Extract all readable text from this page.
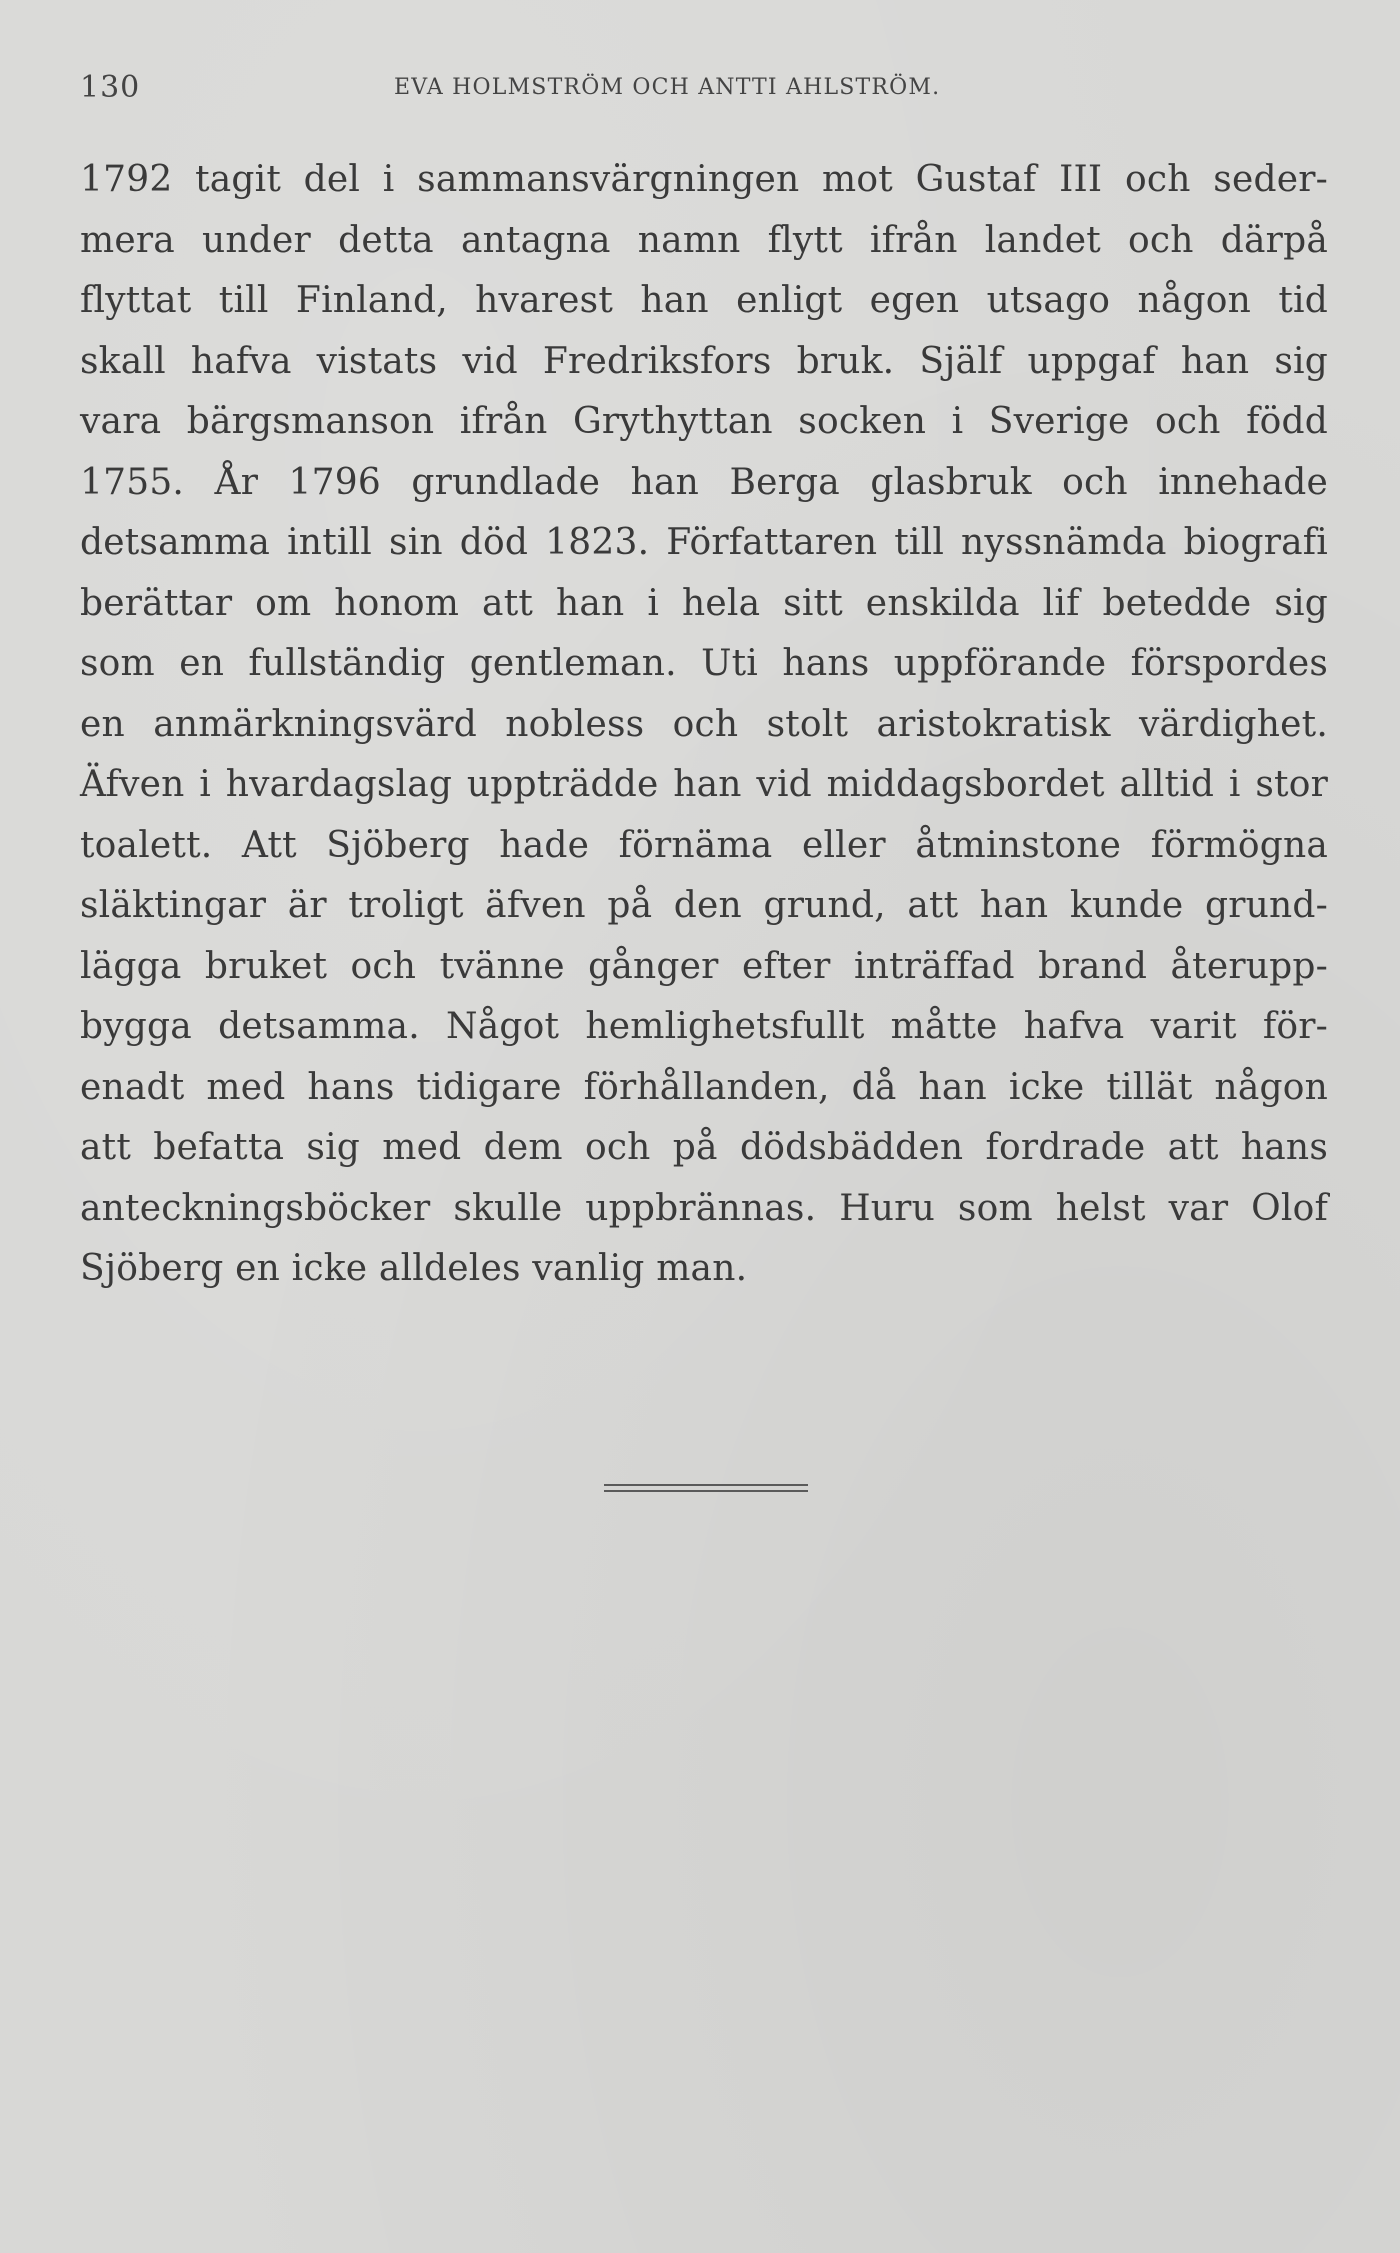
130	EVA HOLMSTRÖM OCH ANTTI AHLSTRÖM.
1792 tagit del i sammansvärgningen mot Gustaf III och seder-
mera under detta antagna namn flytt ifrån landet och därpå
flyttat till Finland, hvarest han enligt egen utsago någon tid
skall hafva vistats vid Fredriksfors bruk. Själf uppgaf han sig
vara bärgsmanson ifrån Grythyttan socken i Sverige och född
1755. År 1796 grundlade han Berga glasbruk och innehade
detsamma intill sin död 1823. Författaren till nyssnämda biografi
berättar om honom att han i hela sitt enskilda lif betedde sig
som en fullständig gentleman. Uti hans uppförande förspordes
en anmärkningsvärd nobless och stolt aristokratisk värdighet.
Äfven i hvardagslag uppträdde han vid middagsbordet alltid i stor
toalett. Att Sjöberg hade förnäma eller åtminstone förmögna
släktingar är troligt äfven på den grund, att han kunde grund-
lägga bruket och tvänne gånger efter inträffad brand återupp-
bygga detsamma. Något hemlighetsfullt måtte hafva varit för-
enadt med hans tidigare förhållanden, då han icke tillät någon
att befatta sig med dem och på dödsbädden fordrade att hans
anteckningsböcker skulle uppbrännas. Huru som helst var Olof
Sjöberg en icke alldeles vanlig man.
